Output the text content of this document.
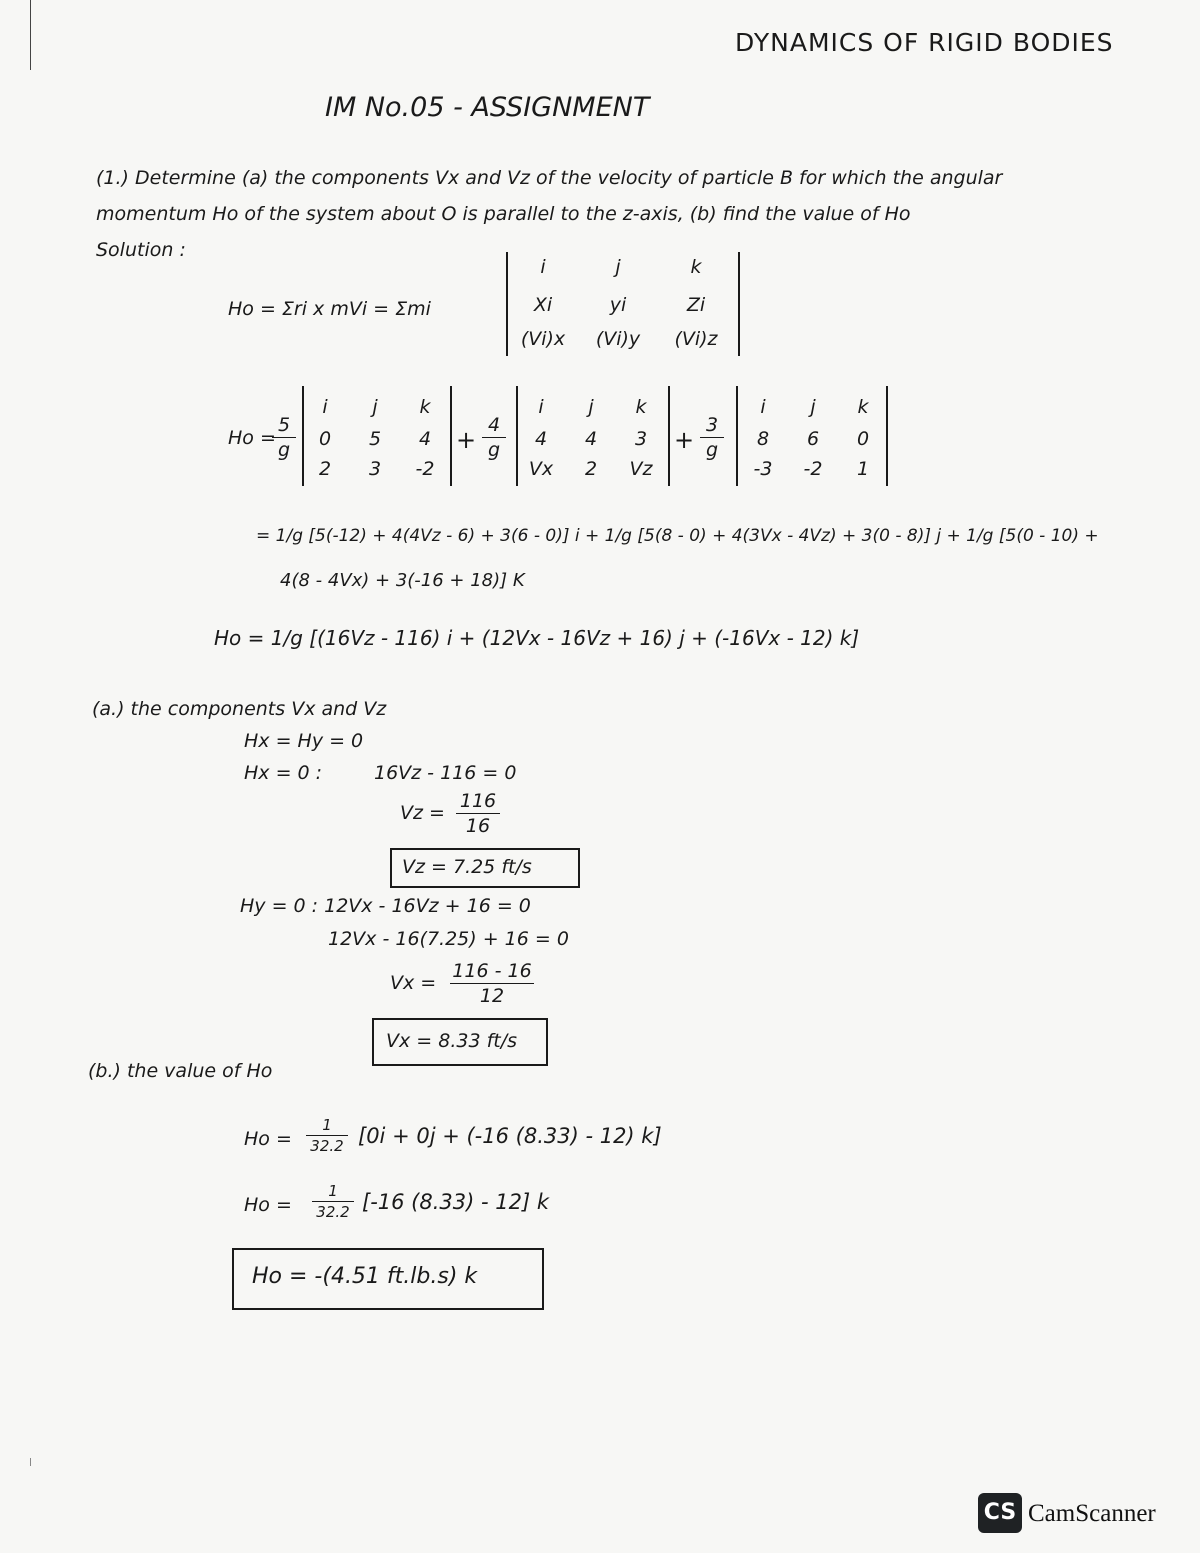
DYNAMICS OF RIGID BODIES
IM No.05 - ASSIGNMENT
(1.) Determine (a) the components Vx and Vz of the velocity of particle B for which the angular momentum Ho of the system about O is parallel to the z-axis, (b) find the value of Ho
Solution :
Ho = Σri x mVi = Σmi
i	j	k
Xi	yi	Zi
(Vi)x	(Vi)y	(Vi)z
Ho =
5
g
i	j	k
0	5	4
2	3	-2
+
4
g
i	j	k
4	4	3
Vx	2	Vz
+
3
g
i	j	k
8	6	0
-3	-2	1
= 1/g [5(-12) + 4(4Vz - 6) + 3(6 - 0)] i + 1/g [5(8 - 0) + 4(3Vx - 4Vz) + 3(0 - 8)] j + 1/g [5(0 - 10) +
4(8 - 4Vx) + 3(-16 + 18)] K
Ho = 1/g [(16Vz - 116) i + (12Vx - 16Vz + 16) j + (-16Vx - 12) k]
(a.) the components Vx and Vz
Hx = Hy = 0
Hx = 0 :	16Vz - 116 = 0
Vz =
116
16
Vz = 7.25 ft/s
Hy = 0 : 12Vx - 16Vz + 16 = 0
12Vx - 16(7.25) + 16 = 0
Vx =
116 - 16
12
Vx = 8.33 ft/s
(b.) the value of Ho
Ho =
1
32.2 [0i + 0j + (-16 (8.33) - 12) k]
Ho =
1
32.2 [-16 (8.33) - 12] k
Ho = -(4.51 ft.lb.s) k
CS CamScanner
